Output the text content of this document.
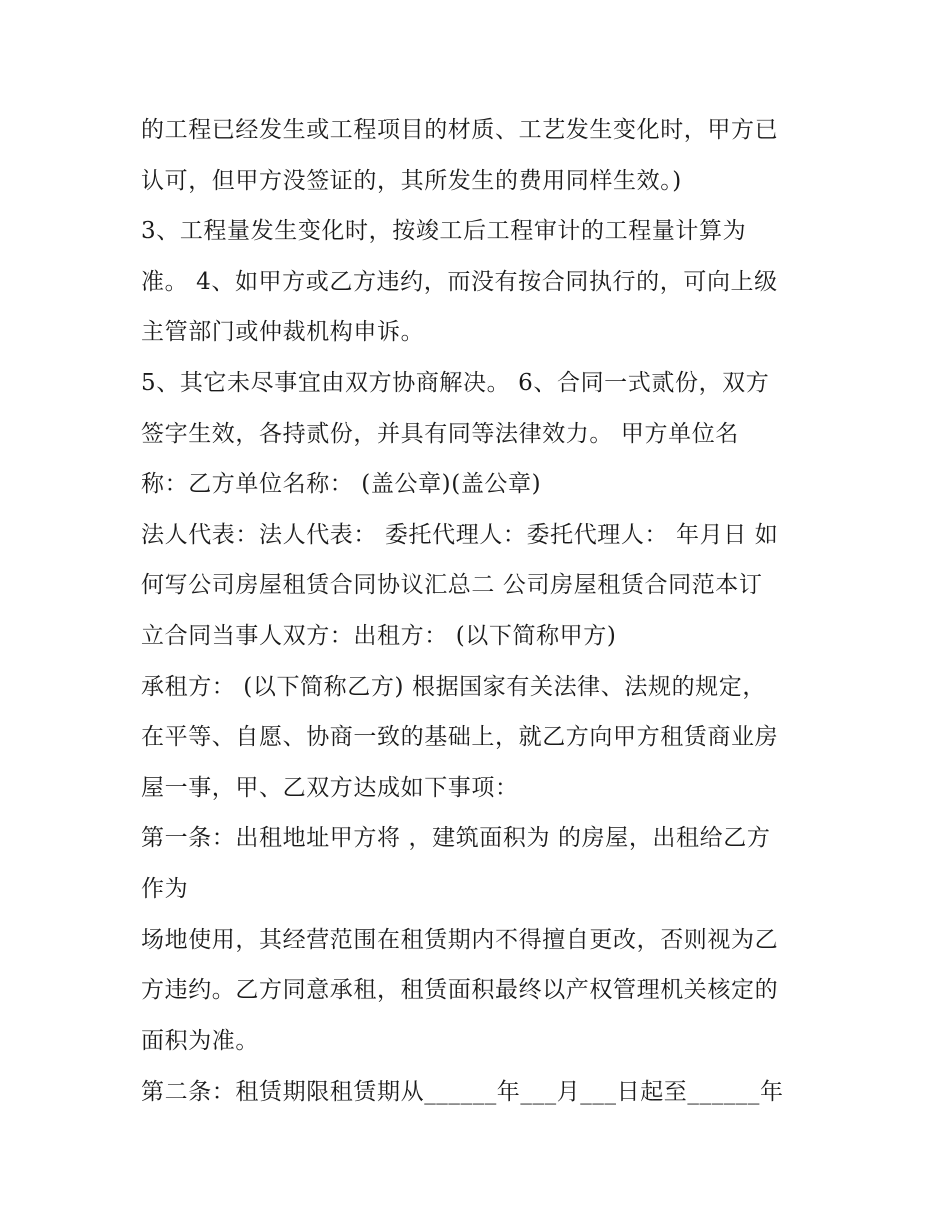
的工程已经发生或工程项目的材质、工艺发生变化时，甲方已
认可，但甲方没签证的，其所发生的费用同样生效。)
3、工程量发生变化时，按竣工后工程审计的工程量计算为
准。 4、如甲方或乙方违约，而没有按合同执行的，可向上级
主管部门或仲裁机构申诉。
5、其它未尽事宜由双方协商解决。 6、合同一式贰份，双方
签字生效，各持贰份，并具有同等法律效力。 甲方单位名
称：乙方单位名称： (盖公章)(盖公章)
法人代表：法人代表： 委托代理人：委托代理人： 年月日 如
何写公司房屋租赁合同协议汇总二 公司房屋租赁合同范本订
立合同当事人双方：出租方： (以下简称甲方)
承租方： (以下简称乙方) 根据国家有关法律、法规的规定，
在平等、自愿、协商一致的基础上，就乙方向甲方租赁商业房
屋一事，甲、乙双方达成如下事项：
第一条：出租地址甲方将 ，建筑面积为 的房屋，出租给乙方
作为
场地使用，其经营范围在租赁期内不得擅自更改，否则视为乙
方违约。乙方同意承租，租赁面积最终以产权管理机关核定的
面积为准。
第二条：租赁期限租赁期从______年___月___日起至______年
